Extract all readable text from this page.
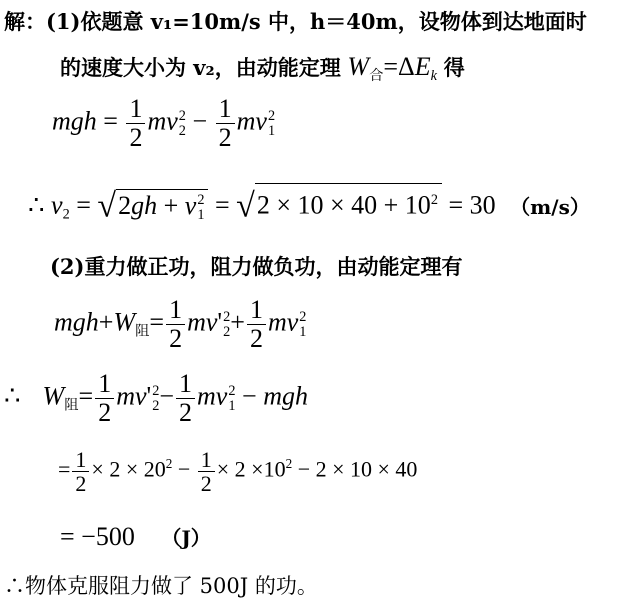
解：(1)依题意 v₁=10m/s 中，h＝40m，设物体到达地面时
的速度大小为 v₂，由动能定理 $W_合=\Delta E_k$ 得
mgh = $\frac{1}{2}$ mv 2
$2 - \frac{1}{2}$ mv 2
1
∴ $v_2 = √2gh + v$ 2
$1 = √2 \times 10 \times 40 + 10^2 = 30$ （m/s）
(2)重力做正功，阻力做负功，由动能定理有
$mgh+W_阻= \frac{1}{2} mv'$ 2
$2 + \frac{1}{2}$ mv 2
1
∴ $W_阻= \frac{1}{2} mv'$ 2
$2 - \frac{1}{2}$ mv 2
1 − mgh
= $\frac{1}{2} \times 2 \times 20^2 - \frac{1}{2} \times 2 \times 10^2 - 2 \times 10 \times 40$
= −500 （J）
∴物体克服阻力做了 500J 的功。
